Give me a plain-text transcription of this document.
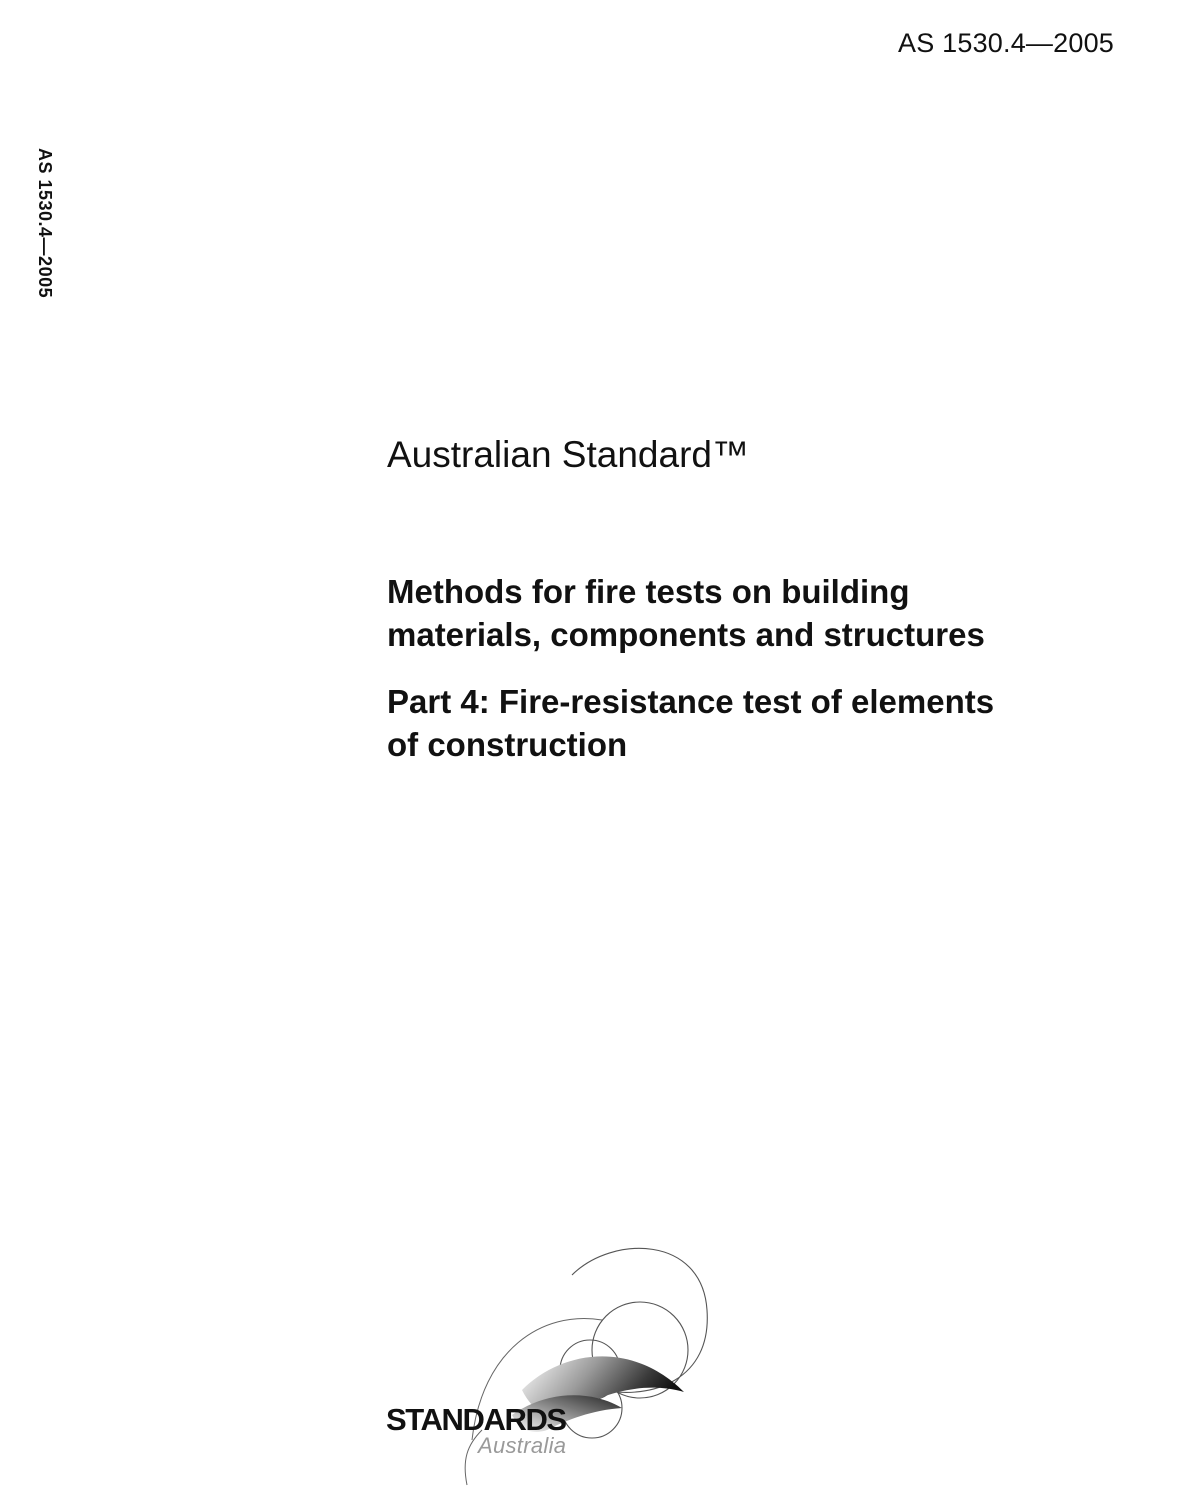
AS 1530.4—2005
AS 1530.4—2005
Australian Standard™
Methods for fire tests on building
materials, components and structures
Part 4: Fire-resistance test of elements
of construction
STANDARDS
Australia
